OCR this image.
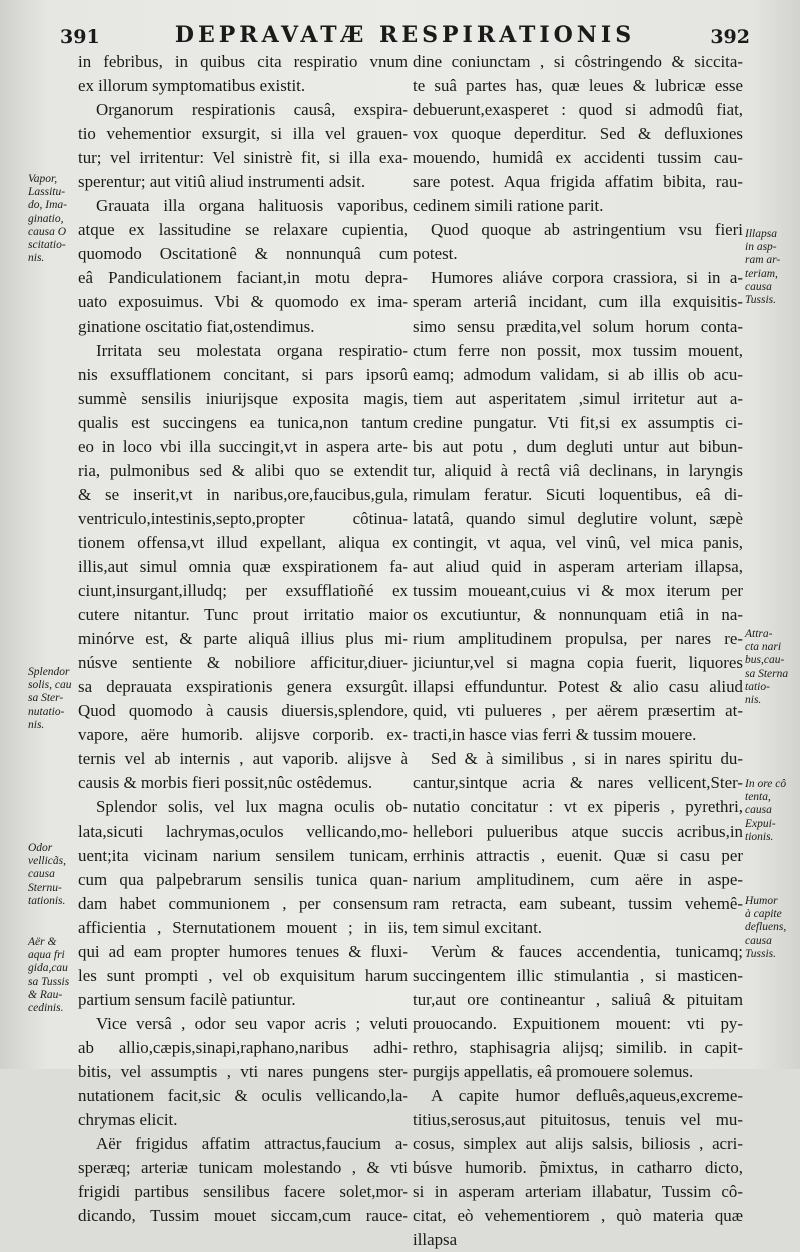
391	DEPRAVATÆ RESPIRATIONIS	392
in febribus, in quibus cita respiratio vnum
ex illorum symptomatibus existit.
Organorum respirationis causâ, exspira-
tio vehementior exsurgit, si illa vel grauen-
tur; vel irritentur: Vel sinistrè fit, si illa exa-
sperentur; aut vitiû aliud instrumenti adsit.
Grauata illa organa halituosis vaporibus,
atque ex lassitudine se relaxare cupientia,
quomodo Oscitationê & nonnunquâ cum
eâ Pandiculationem faciant,in motu depra-
uato exposuimus. Vbi & quomodo ex ima-
ginatione oscitatio fiat,ostendimus.
Irritata seu molestata organa respiratio-
nis exsufflationem concitant, si pars ipsorû
summè sensilis iniurijsque exposita magis,
qualis est succingens ea tunica,non tantum
eo in loco vbi illa succingit,vt in aspera arte-
ria, pulmonibus sed & alibi quo se extendit
& se inserit,vt in naribus,ore,faucibus,gula,
ventriculo,intestinis,septo,propter côtinua-
tionem offensa,vt illud expellant, aliqua ex
illis,aut simul omnia quæ exspirationem fa-
ciunt,insurgant,illudq; per exsufflatioñé ex
cutere nitantur. Tunc prout irritatio maior
minórve est, & parte aliquâ illius plus mi-
núsve sentiente & nobiliore afficitur,diuer-
sa deprauata exspirationis genera exsurgût.
Quod quomodo à causis diuersis,splendore,
vapore, aëre humorib. alijsve corporib. ex-
ternis vel ab internis , aut vaporib. alijsve à
causis & morbis fieri possit,nûc ostêdemus.
Splendor solis, vel lux magna oculis ob-
lata,sicuti lachrymas,oculos vellicando,mo-
uent;ita vicinam narium sensilem tunicam,
cum qua palpebrarum sensilis tunica quan-
dam habet communionem , per consensum
afficientia , Sternutationem mouent ; in iis,
qui ad eam propter humores tenues & fluxi-
les sunt prompti , vel ob exquisitum harum
partium sensum facilè patiuntur.
Vice versâ , odor seu vapor acris ; veluti
ab allio,cæpis,sinapi,raphano,naribus adhi-
bitis, vel assumptis , vti nares pungens ster-
nutationem facit,sic & oculis vellicando,la-
chrymas elicit.
Aër frigidus affatim attractus,faucium a-
speræq; arteriæ tunicam molestando , & vti
frigidi partibus sensilibus facere solet,mor-
dicando, Tussim mouet siccam,cum rauce-
dine coniunctam , si côstringendo & siccita-
te suâ partes has, quæ leues & lubricæ esse
debuerunt,exasperet : quod si admodû fiat,
vox quoque deperditur. Sed & defluxiones
mouendo, humidâ ex accidenti tussim cau-
sare potest. Aqua frigida affatim bibita, rau-
cedinem simili ratione parit.
Quod quoque ab astringentium vsu fieri
potest.
Humores aliáve corpora crassiora, si in a-
speram arteriâ incidant, cum illa exquisitis-
simo sensu prædita,vel solum horum conta-
ctum ferre non possit, mox tussim mouent,
eamq; admodum validam, si ab illis ob acu-
tiem aut asperitatem ,simul irritetur aut a-
credine pungatur. Vti fit,si ex assumptis ci-
bis aut potu , dum degluti untur aut bibun-
tur, aliquid à rectâ viâ declinans, in laryngis
rimulam feratur. Sicuti loquentibus, eâ di-
latatâ, quando simul deglutire volunt, sæpè
contingit, vt aqua, vel vinû, vel mica panis,
aut aliud quid in asperam arteriam illapsa,
tussim moueant,cuius vi & mox iterum per
os excutiuntur, & nonnunquam etiâ in na-
rium amplitudinem propulsa, per nares re-
jiciuntur,vel si magna copia fuerit, liquores
illapsi effunduntur. Potest & alio casu aliud
quid, vti puluеres , per aërem præsertim at-
tracti,in hasce vias ferri & tussim mouere.
Sed & à similibus , si in nares spiritu du-
cantur,sintque acria & nares vellicent,Ster-
nutatio concitatur : vt ex piperis , pyrethri,
hellebori pulueribus atque succis acribus,in
errhinis attractis , euenit. Quæ si casu per
narium amplitudinem, cum aëre in aspe-
ram retracta, eam subeant, tussim vehemê-
tem simul excitant.
Verùm & fauces accendentia, tunicamq;
succingentem illic stimulantia , si masticen-
tur,aut ore contineantur , saliuâ & pituitam
prouocando. Expuitionem mouent: vti py-
rethro, staphisagria alijsq; similib. in capit-
purgijs appellatis, eâ promouere solemus.
A capite humor defluês,aqueus,excreme-
titius,serosus,aut pituitosus, tenuis vel mu-
cosus, simplex aut alijs salsis, biliosis , acri-
búsve humorib. p̃mixtus, in catharro dicto,
si in asperam arteriam illabatur, Tussim cô-
citat, eò vehementiorem , quò materia quæ
illapsa
Vapor,
Lassitu-
do, Ima-
ginatio,
causa O
scitatio-
nis.
Splendor
solis, cau
sa Ster-
nutatio-
nis.
Odor
vellicãs,
causa
Sternu-
tationis.
Aër &
aqua fri
gida,cau
sa Tussis
& Rau-
cedinis.
Illapsa
in asp-
ram ar-
teriam,
causa
Tussis.
Attra-
cta nari
bus,cau-
sa Sterna
tatio-
nis.
In ore cô
tenta,
causa
Expui-
tionis.
Humor
à capite
defluens,
causa
Tussis.
